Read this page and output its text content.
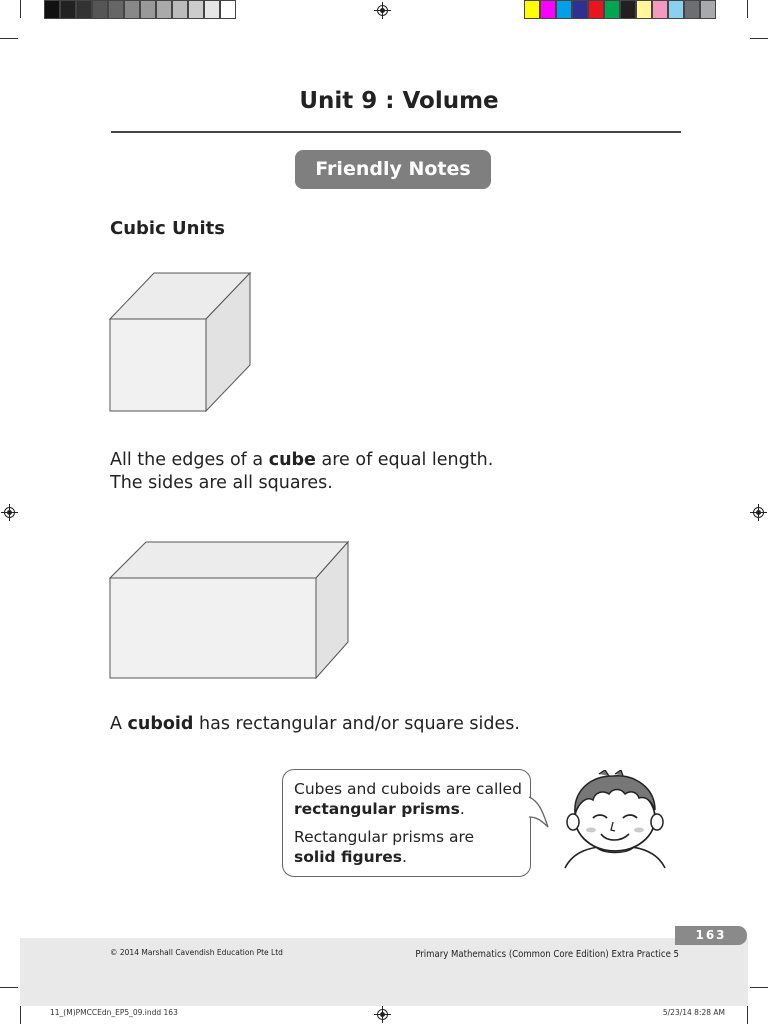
Unit 9 : Volume
Friendly Notes
Cubic Units
All the edges of a cube are of equal length.
The sides are all squares.
A cuboid has rectangular and/or square sides.
Cubes and cuboids are called
rectangular prisms.
Rectangular prisms are
solid figures.
163
© 2014 Marshall Cavendish Education Pte Ltd	Primary Mathematics (Common Core Edition) Extra Practice 5
11_(M)PMCCEdn_EP5_09.indd 163	5/23/14 8:28 AM
